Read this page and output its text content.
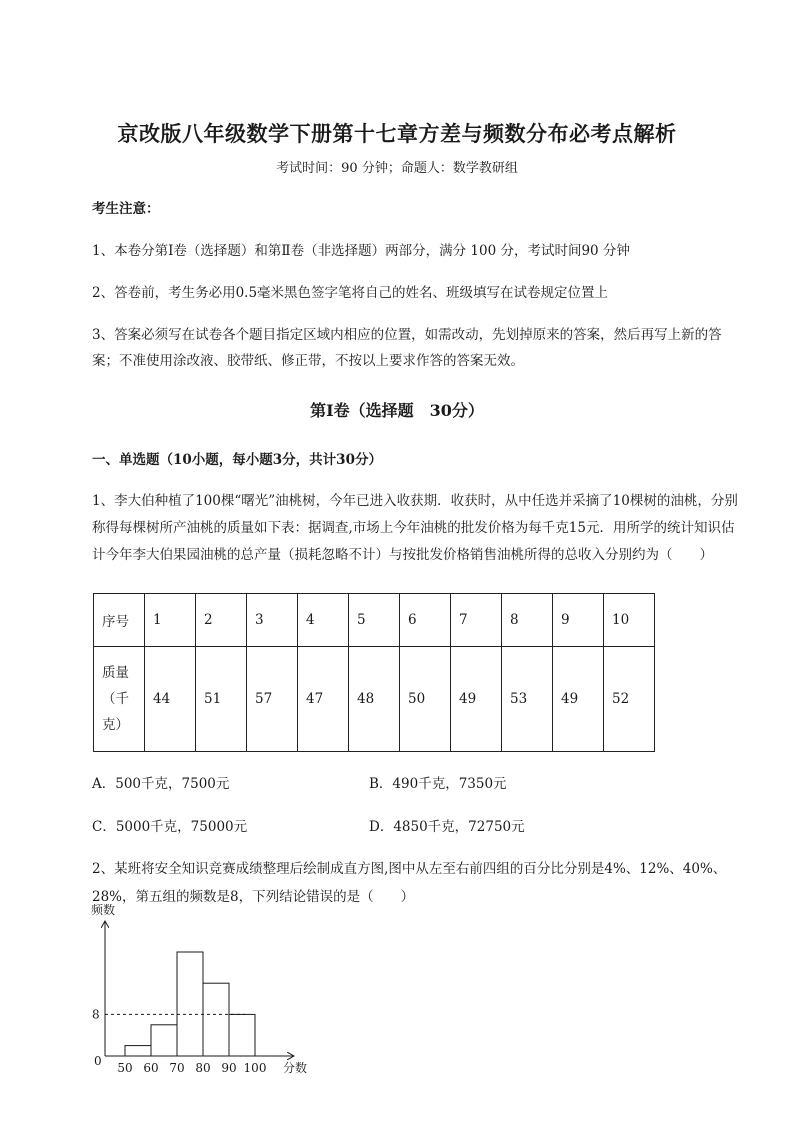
京改版八年级数学下册第十七章方差与频数分布必考点解析
考试时间：90 分钟；命题人：数学教研组
考生注意：
1、本卷分第Ⅰ卷（选择题）和第Ⅱ卷（非选择题）两部分，满分 100 分，考试时间90 分钟
2、答卷前，考生务必用0.5毫米黑色签字笔将自己的姓名、班级填写在试卷规定位置上
3、答案必须写在试卷各个题目指定区域内相应的位置，如需改动，先划掉原来的答案，然后再写上新的答案；不准使用涂改液、胶带纸、修正带，不按以上要求作答的答案无效。
第Ⅰ卷（选择题　30分）
一、单选题（10小题，每小题3分，共计30分）
1、李大伯种植了100棵“曙光”油桃树，今年已进入收获期．收获时，从中任选并采摘了10棵树的油桃，分别称得每棵树所产油桃的质量如下表：据调查,市场上今年油桃的批发价格为每千克15元．用所学的统计知识估计今年李大伯果园油桃的总产量（损耗忽略不计）与按批发价格销售油桃所得的总收入分别约为（　　）
序号	1	2	3	4	5	6	7	8	9	10
质量（千克）	44	51	57	47	48	50	49	53	49	52
A．500千克，7500元	B．490千克，7350元
C．5000千克，75000元	D．4850千克，72750元
2、某班将安全知识竞赛成绩整理后绘制成直方图,图中从左至右前四组的百分比分别是4%、12%、40%、28%，第五组的频数是8，下列结论错误的是（　　）
频数
0
8
50 60 70 80 90 100 分数
